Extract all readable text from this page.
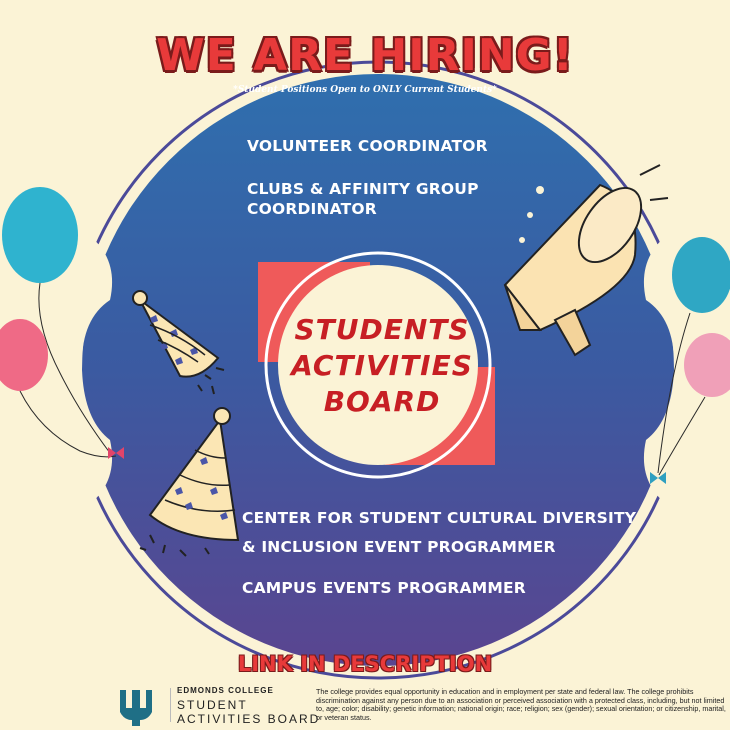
WE ARE HIRING!
*Student Positions Open to ONLY Current Students*
VOLUNTEER COORDINATOR
CLUBS & AFFINITY GROUP
COORDINATOR
STUDENTS
ACTIVITIES
BOARD
CENTER FOR STUDENT CULTURAL DIVERSITY
& INCLUSION EVENT PROGRAMMER
CAMPUS EVENTS PROGRAMMER
LINK IN DESCRIPTION
EDMONDS COLLEGE
STUDENT
ACTIVITIES BOARD
The college provides equal opportunity in education and in employment per state and federal law. The college prohibits discrimination against any person due to an association or perceived association with a protected class, including, but not limited to, age; color; disability; genetic information; national origin; race; religion; sex (gender); sexual orientation; or citizenship, marital, or veteran status.
